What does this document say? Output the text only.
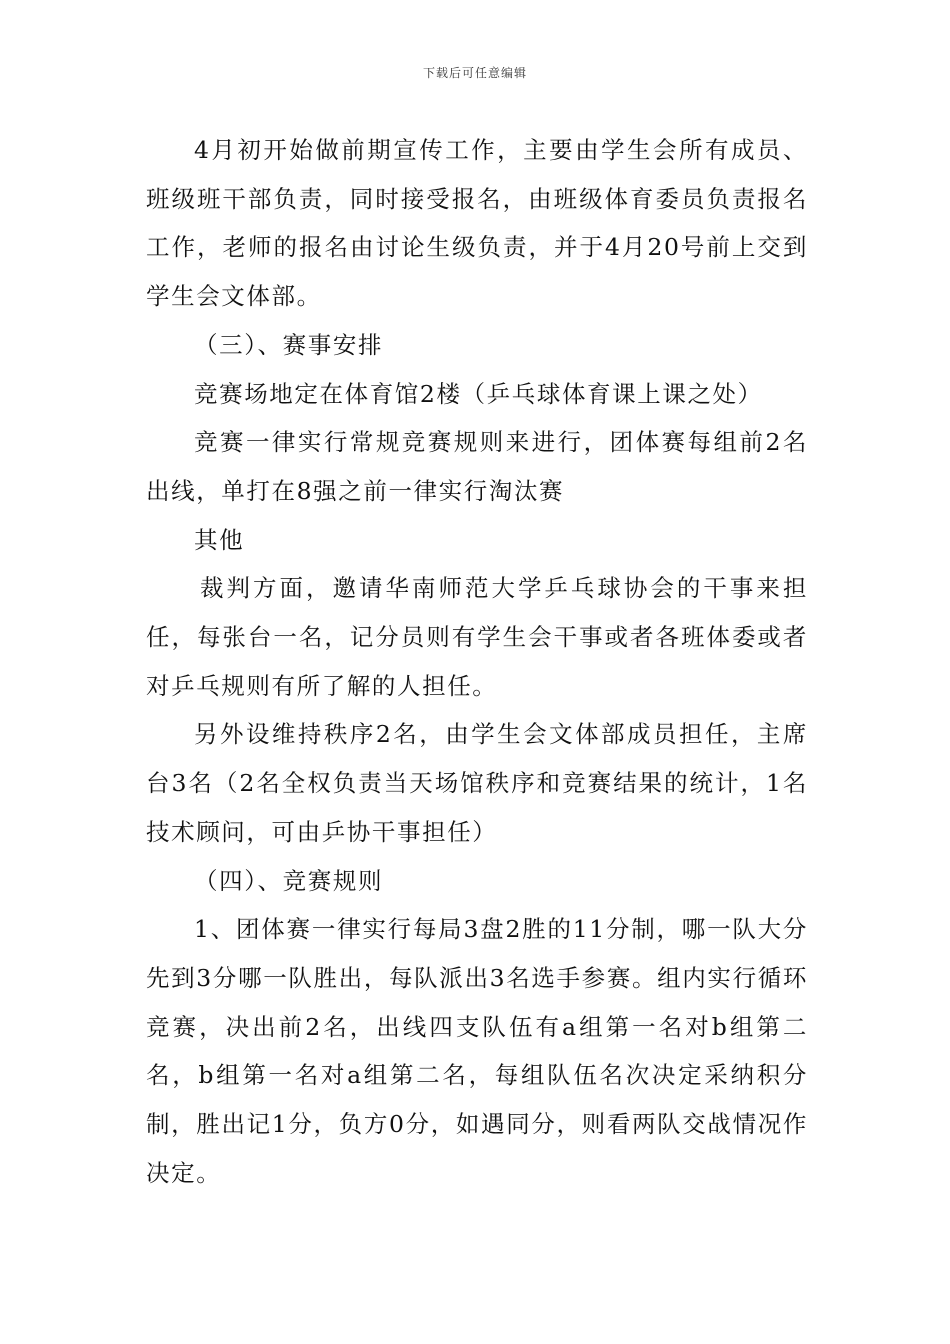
下载后可任意编辑

4月初开始做前期宣传工作，主要由学生会所有成员、班级班干部负责，同时接受报名，由班级体育委员负责报名工作，老师的报名由讨论生级负责，并于4月20号前上交到学生会文体部。

（三）、赛事安排

竞赛场地定在体育馆2楼（乒乓球体育课上课之处）

竞赛一律实行常规竞赛规则来进行，团体赛每组前2名出线，单打在8强之前一律实行淘汰赛

其他

裁判方面，邀请华南师范大学乒乓球协会的干事来担任，每张台一名，记分员则有学生会干事或者各班体委或者对乒乓规则有所了解的人担任。

另外设维持秩序2名，由学生会文体部成员担任，主席台3名（2名全权负责当天场馆秩序和竞赛结果的统计，1名技术顾问，可由乒协干事担任）

（四）、竞赛规则

1、团体赛一律实行每局3盘2胜的11分制，哪一队大分先到3分哪一队胜出，每队派出3名选手参赛。组内实行循环竞赛，决出前2名，出线四支队伍有a组第一名对b组第二名，b组第一名对a组第二名，每组队伍名次决定采纳积分制，胜出记1分，负方0分，如遇同分，则看两队交战情况作决定。
